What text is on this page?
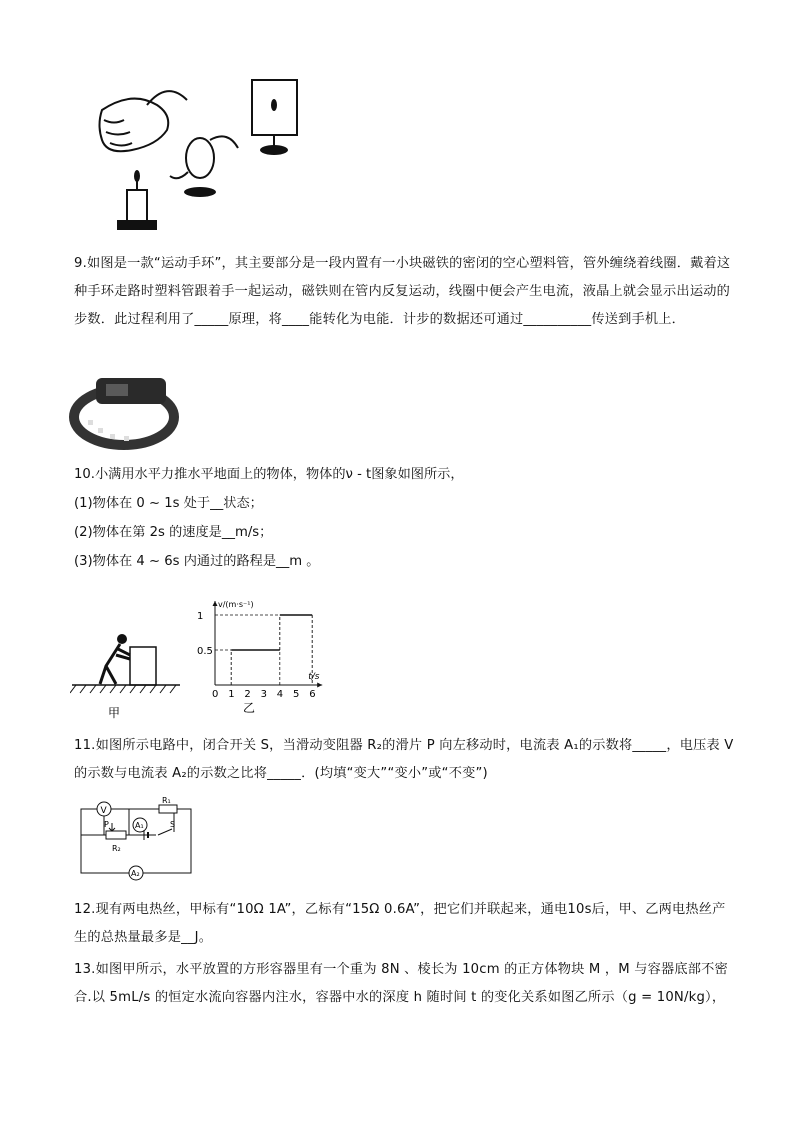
9.如图是一款“运动手环”，其主要部分是一段内置有一小块磁铁的密闭的空心塑料管，管外缠绕着线圈．戴着这种手环走路时塑料管跟着手一起运动，磁铁则在管内反复运动，线圈中便会产生电流，液晶上就会显示出运动的步数．此过程利用了_____原理，将____能转化为电能．计步的数据还可通过__________传送到手机上．
10.小满用水平力推水平地面上的物体，物体的ν - t图象如图所示，
(1)物体在 0 ~ 1s 处于__状态；
(2)物体在第 2s 的速度是__m/s；
(3)物体在 4 ~ 6s 内通过的路程是__m 。
甲
0 1 2 3 4 5 6
0.5
1
t/s
v/(m·s⁻¹)
乙
11.如图所示电路中，闭合开关 S，当滑动变阻器 R₂的滑片 P 向左移动时，电流表 A₁的示数将_____，电压表 V 的示数与电流表 A₂的示数之比将_____．(均填“变大”“变小”或“不变”)
V
R₁
A₁
P
R₂
S
A₂
12.现有两电热丝，甲标有“10Ω 1A”，乙标有“15Ω 0.6A”，把它们并联起来，通电10s后，甲、乙两电热丝产生的总热量最多是__J。
13.如图甲所示，水平放置的方形容器里有一个重为 8N 、棱长为 10cm 的正方体物块 M ，M 与容器底部不密合.以 5mL/s 的恒定水流向容器内注水，容器中水的深度 h 随时间 t 的变化关系如图乙所示（g = 10N/kg），
